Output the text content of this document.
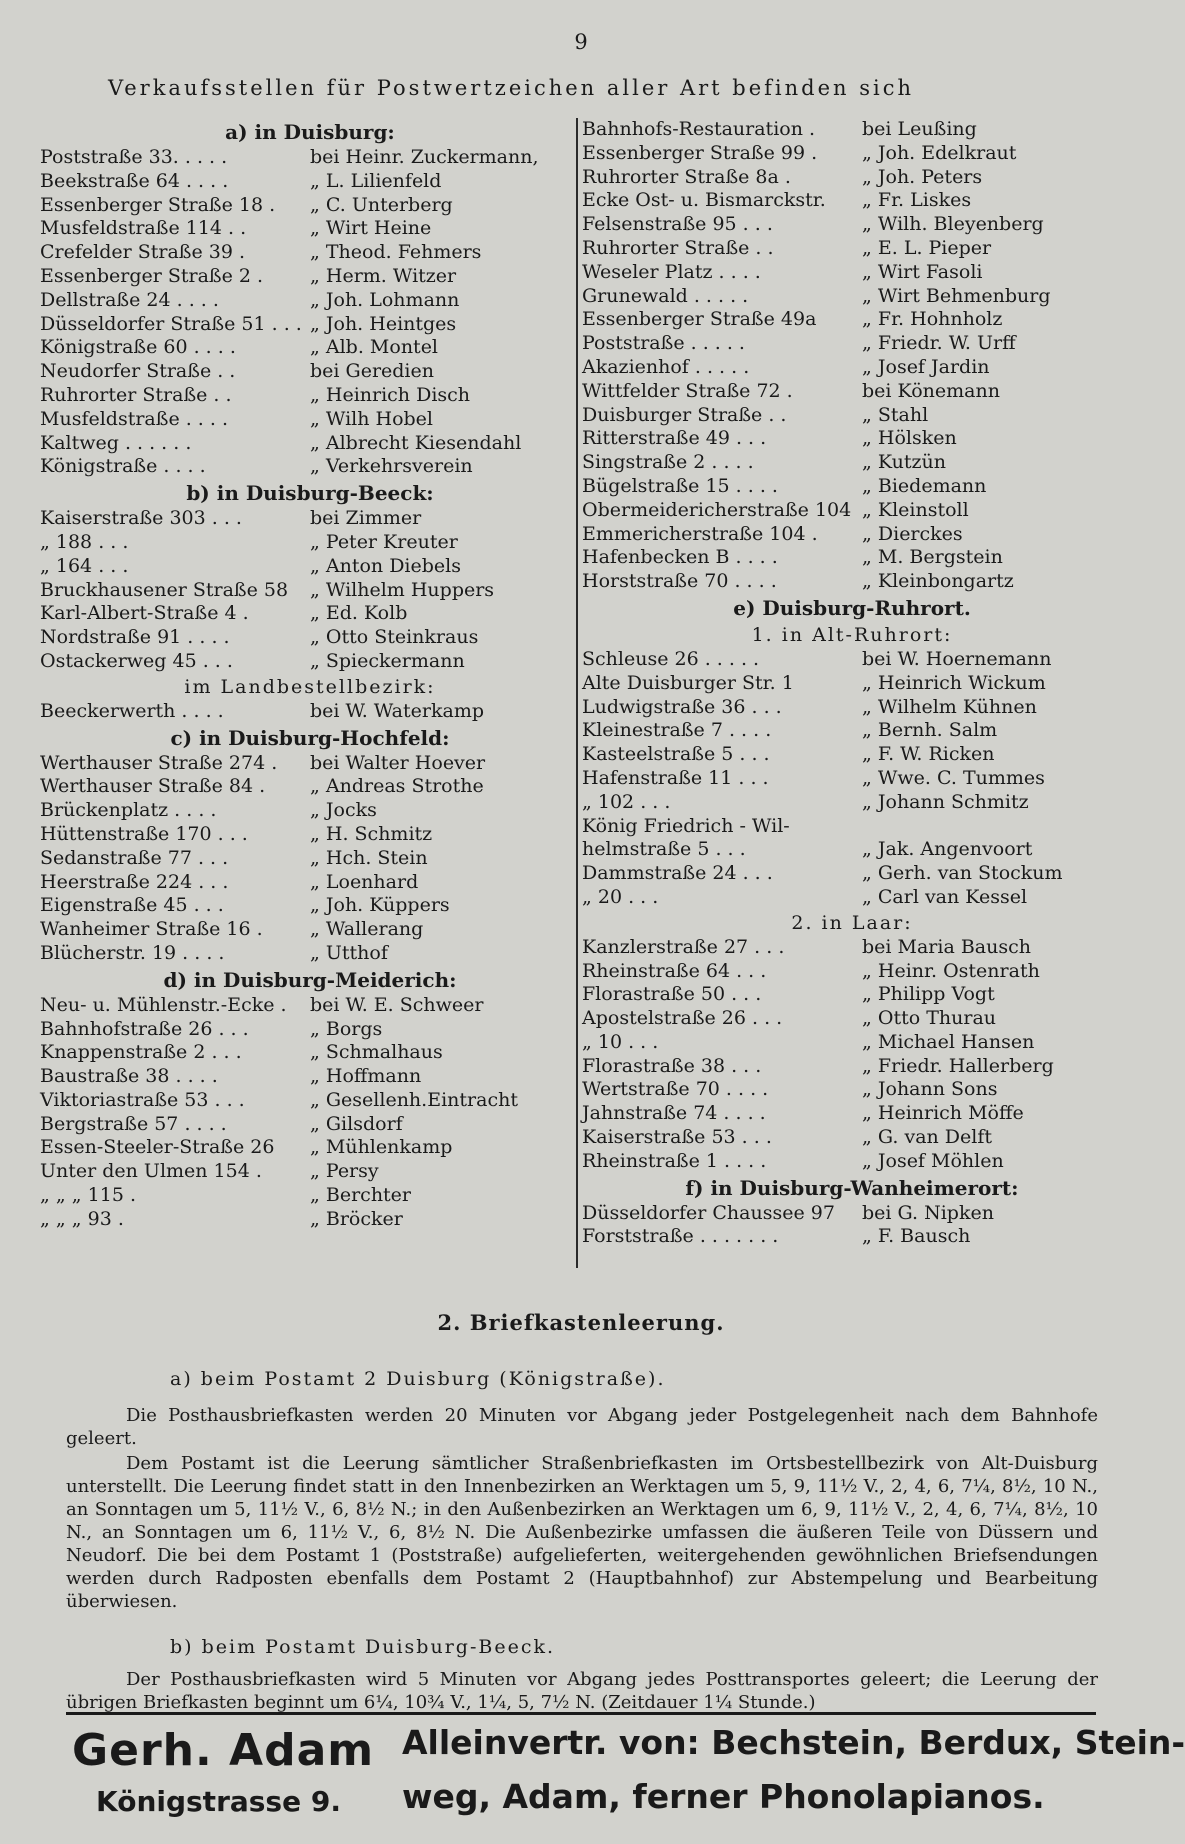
9
Verkaufsstellen für Postwertzeichen aller Art befinden sich
a) in Duisburg:
Poststraße 33. . . . .	bei Heinr. Zuckermann,
Beekstraße 64 . . . .	„ L. Lilienfeld
Essenberger Straße 18 .	„ C. Unterberg
Musfeldstraße 114 . .	„ Wirt Heine
Crefelder Straße 39 .	„ Theod. Fehmers
Essenberger Straße 2 .	„ Herm. Witzer
Dellstraße 24 . . . .	„ Joh. Lohmann
Düsseldorfer Straße 51 . . . „ Joh. Heintges
Königstraße 60 . . . .	„ Alb. Montel
Neudorfer Straße . .	bei Geredien
Ruhrorter Straße . .	„ Heinrich Disch
Musfeldstraße . . . .	„ Wilh Hobel
Kaltweg . . . . . .	„ Albrecht Kiesendahl
Königstraße . . . .	„ Verkehrsverein
b) in Duisburg-Beeck:
Kaiserstraße 303 . . .	bei Zimmer
„ 188 . . .	„ Peter Kreuter
„ 164 . . .	„ Anton Diebels
Bruckhausener Straße 58	„ Wilhelm Huppers
Karl-Albert-Straße 4 .	„ Ed. Kolb
Nordstraße 91 . . . .	„ Otto Steinkraus
Ostackerweg 45 . . .	„ Spieckermann
im Landbestellbezirk:
Beeckerwerth . . . .	bei W. Waterkamp
c) in Duisburg-Hochfeld:
Werthauser Straße 274 .	bei Walter Hoever
Werthauser Straße 84 .	„ Andreas Strothe
Brückenplatz . . . .	„ Jocks
Hüttenstraße 170 . . .	„ H. Schmitz
Sedanstraße 77 . . .	„ Hch. Stein
Heerstraße 224 . . .	„ Loenhard
Eigenstraße 45 . . .	„ Joh. Küppers
Wanheimer Straße 16 .	„ Wallerang
Blücherstr. 19 . . . .	„ Utthof
d) in Duisburg-Meiderich:
Neu- u. Mühlenstr.-Ecke .	bei W. E. Schweer
Bahnhofstraße 26 . . .	„ Borgs
Knappenstraße 2 . . .	„ Schmalhaus
Baustraße 38 . . . .	„ Hoffmann
Viktoriastraße 53 . . .	„ Gesellenh.Eintracht
Bergstraße 57 . . . .	„ Gilsdorf
Essen-Steeler-Straße 26	„ Mühlenkamp
Unter den Ulmen 154 .	„ Persy
„ „ „ 115 .	„ Berchter
„ „ „ 93 .	„ Bröcker
Bahnhofs-Restauration .	bei Leußing
Essenberger Straße 99 .	„ Joh. Edelkraut
Ruhrorter Straße 8a .	„ Joh. Peters
Ecke Ost- u. Bismarckstr.	„ Fr. Liskes
Felsenstraße 95 . . .	„ Wilh. Bleyenberg
Ruhrorter Straße . .	„ E. L. Pieper
Weseler Platz . . . .	„ Wirt Fasoli
Grunewald . . . . .	„ Wirt Behmenburg
Essenberger Straße 49a	„ Fr. Hohnholz
Poststraße . . . . .	„ Friedr. W. Urff
Akazienhof . . . . .	„ Josef Jardin
Wittfelder Straße 72 .	bei Könemann
Duisburger Straße . .	„ Stahl
Ritterstraße 49 . . .	„ Hölsken
Singstraße 2 . . . .	„ Kutzün
Bügelstraße 15 . . . .	„ Biedemann
Obermeidericherstraße 104 „ Kleinstoll
Emmericherstraße 104 .	„ Dierckes
Hafenbecken B . . . .	„ M. Bergstein
Horststraße 70 . . . .	„ Kleinbongartz
e) Duisburg-Ruhrort.
1. in Alt-Ruhrort:
Schleuse 26 . . . . .	bei W. Hoernemann
Alte Duisburger Str. 1	„ Heinrich Wickum
Ludwigstraße 36 . . .	„ Wilhelm Kühnen
Kleinestraße 7 . . . .	„ Bernh. Salm
Kasteelstraße 5 . . .	„ F. W. Ricken
Hafenstraße 11 . . .	„ Wwe. C. Tummes
„ 102 . . .	„ Johann Schmitz
König Friedrich - Wil-
helmstraße 5 . . .	„ Jak. Angenvoort
Dammstraße 24 . . .	„ Gerh. van Stockum
„ 20 . . .	„ Carl van Kessel
2. in Laar:
Kanzlerstraße 27 . . .	bei Maria Bausch
Rheinstraße 64 . . .	„ Heinr. Ostenrath
Florastraße 50 . . .	„ Philipp Vogt
Apostelstraße 26 . . .	„ Otto Thurau
„ 10 . . .	„ Michael Hansen
Florastraße 38 . . .	„ Friedr. Hallerberg
Wertstraße 70 . . . .	„ Johann Sons
Jahnstraße 74 . . . .	„ Heinrich Möffe
Kaiserstraße 53 . . .	„ G. van Delft
Rheinstraße 1 . . . .	„ Josef Möhlen
f) in Duisburg-Wanheimerort:
Düsseldorfer Chaussee 97	bei G. Nipken
Forststraße . . . . . . .	„ F. Bausch
2. Briefkastenleerung.
a) beim Postamt 2 Duisburg (Königstraße).
Die Posthausbriefkasten werden 20 Minuten vor Abgang jeder Postgelegenheit nach dem Bahnhofe geleert.
Dem Postamt ist die Leerung sämtlicher Straßenbriefkasten im Ortsbestellbezirk von Alt-Duisburg unterstellt. Die Leerung findet statt in den Innenbezirken an Werktagen um 5, 9, 11½ V., 2, 4, 6, 7¼, 8½, 10 N., an Sonntagen um 5, 11½ V., 6, 8½ N.; in den Außenbezirken an Werktagen um 6, 9, 11½ V., 2, 4, 6, 7¼, 8½, 10 N., an Sonntagen um 6, 11½ V., 6, 8½ N. Die Außenbezirke umfassen die äußeren Teile von Düssern und Neudorf. Die bei dem Postamt 1 (Poststraße) aufgelieferten, weitergehenden gewöhnlichen Briefsendungen werden durch Radposten ebenfalls dem Postamt 2 (Hauptbahnhof) zur Abstempelung und Bearbeitung überwiesen.
b) beim Postamt Duisburg-Beeck.
Der Posthausbriefkasten wird 5 Minuten vor Abgang jedes Posttransportes geleert; die Leerung der übrigen Briefkasten beginnt um 6¼, 10¾ V., 1¼, 5, 7½ N. (Zeitdauer 1¼ Stunde.)
Gerh. Adam
Königstrasse 9.
Alleinvertr. von: Bechstein, Berdux, Stein-
weg, Adam, ferner Phonolapianos.
